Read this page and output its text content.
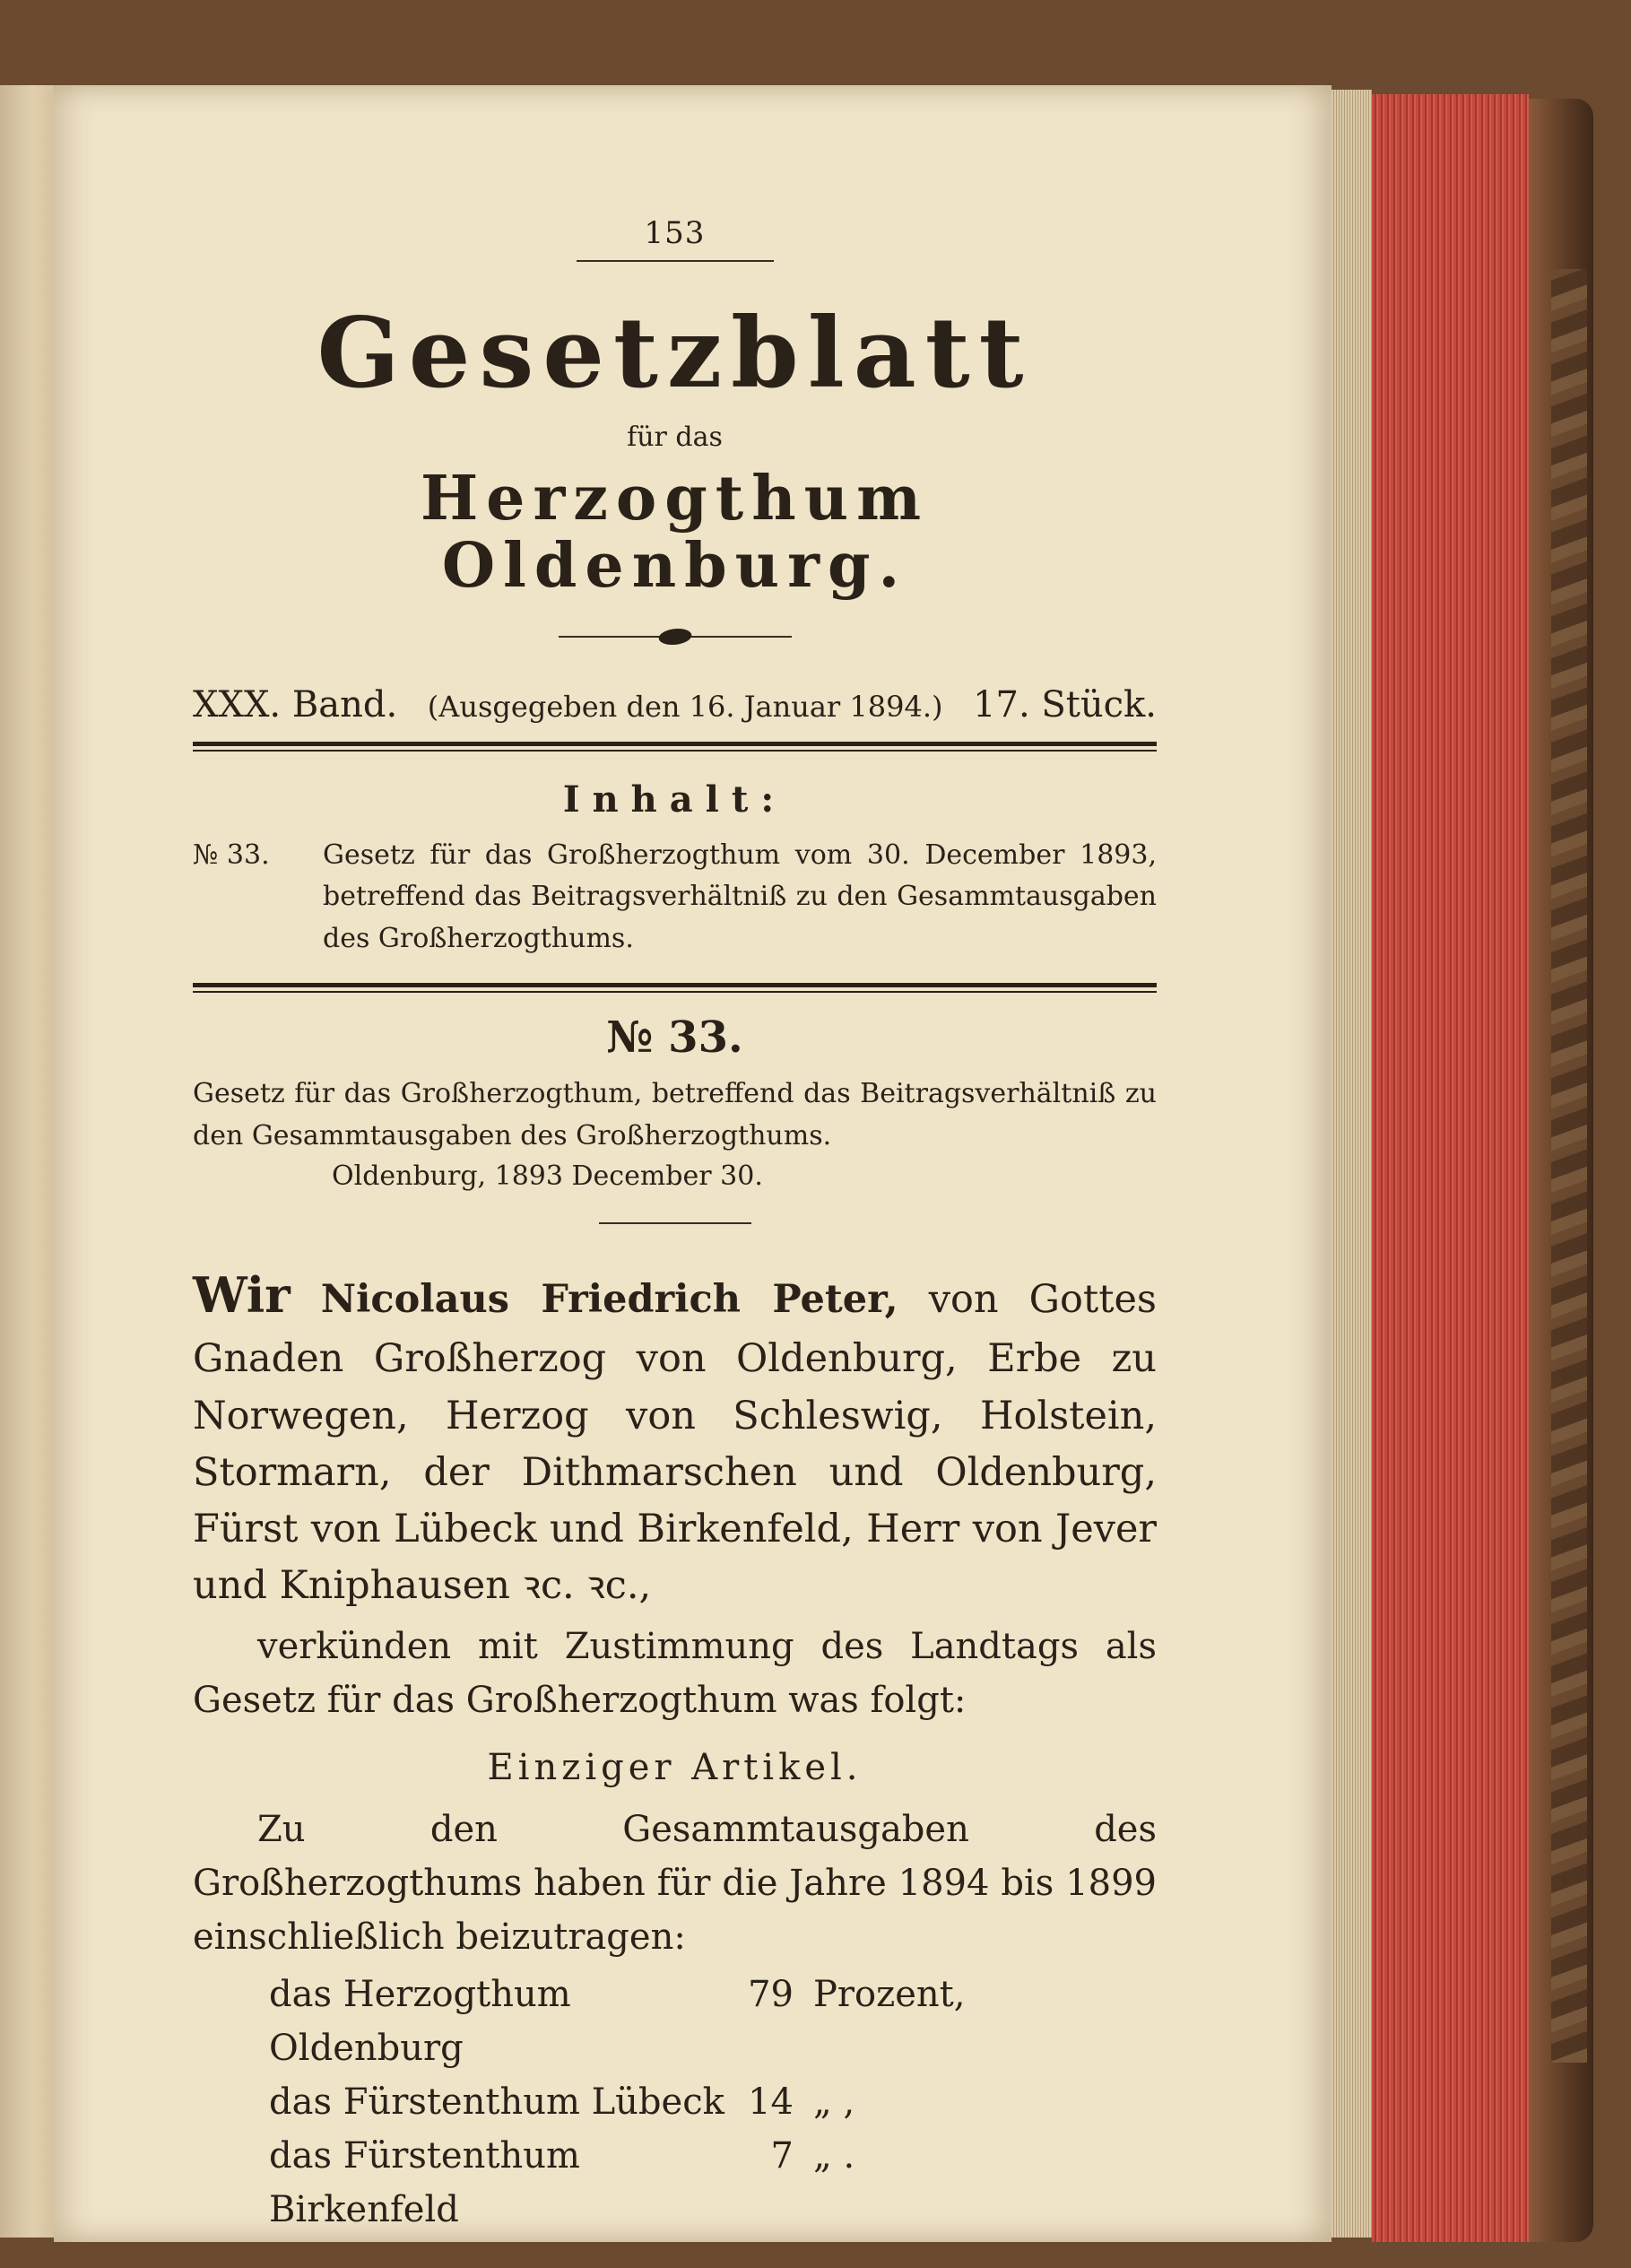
153

Gesetzblatt

für das

Herzogthum Oldenburg.
XXX. Band. (Ausgegeben den 16. Januar 1894.) 17. Stück.

Inhalt:

№ 33.	Gesetz für das Großherzogthum vom 30. December 1893, betreffend das Beitragsverhältniß zu den Gesammtausgaben des Großherzogthums.

№ 33.

Gesetz für das Großherzogthum, betreffend das Beitragsverhältniß zu den Gesammtausgaben des Großherzogthums.

Oldenburg, 1893 December 30.

Wir Nicolaus Friedrich Peter, von Gottes Gnaden Großherzog von Oldenburg, Erbe zu Norwegen, Herzog von Schleswig, Holstein, Stormarn, der Dithmarschen und Oldenburg, Fürst von Lübeck und Birkenfeld, Herr von Jever und Kniphausen ꝛc. ꝛc.,

verkünden mit Zustimmung des Landtags als Gesetz für das Großherzogthum was folgt:

Einziger Artikel.

Zu den Gesammtausgaben des Großherzogthums haben für die Jahre 1894 bis 1899 einschließlich beizutragen:

das Herzogthum Oldenburg
79 Prozent,
das Fürstenthum Lübeck 14 „ ,
das Fürstenthum Birkenfeld
7 „ .
